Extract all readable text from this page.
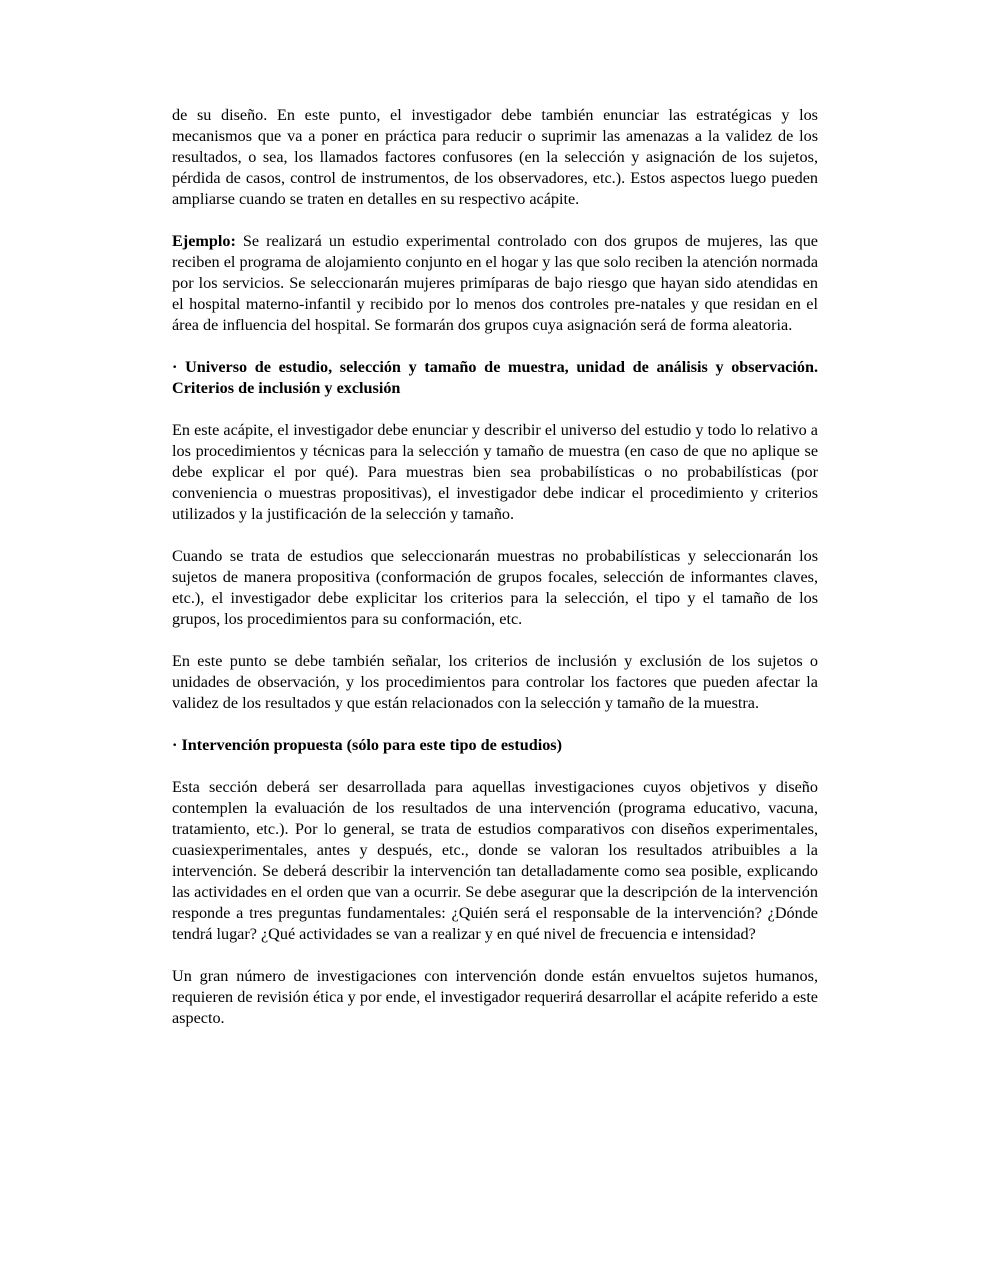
de su diseño. En este punto, el investigador debe también enunciar las estratégicas y los mecanismos que va a poner en práctica para reducir o suprimir las amenazas a la validez de los resultados, o sea, los llamados factores confusores (en la selección y asignación de los sujetos, pérdida de casos, control de instrumentos, de los observadores, etc.). Estos aspectos luego pueden ampliarse cuando se traten en detalles en su respectivo acápite.

Ejemplo: Se realizará un estudio experimental controlado con dos grupos de mujeres, las que reciben el programa de alojamiento conjunto en el hogar y las que solo reciben la atención normada por los servicios. Se seleccionarán mujeres primíparas de bajo riesgo que hayan sido atendidas en el hospital materno-infantil y recibido por lo menos dos controles pre-natales y que residan en el área de influencia del hospital. Se formarán dos grupos cuya asignación será de forma aleatoria.

· Universo de estudio, selección y tamaño de muestra, unidad de análisis y observación. Criterios de inclusión y exclusión

En este acápite, el investigador debe enunciar y describir el universo del estudio y todo lo relativo a los procedimientos y técnicas para la selección y tamaño de muestra (en caso de que no aplique se debe explicar el por qué). Para muestras bien sea probabilísticas o no probabilísticas (por conveniencia o muestras propositivas), el investigador debe indicar el procedimiento y criterios utilizados y la justificación de la selección y tamaño.

Cuando se trata de estudios que seleccionarán muestras no probabilísticas y seleccionarán los sujetos de manera propositiva (conformación de grupos focales, selección de informantes claves, etc.), el investigador debe explicitar los criterios para la selección, el tipo y el tamaño de los grupos, los procedimientos para su conformación, etc.

En este punto se debe también señalar, los criterios de inclusión y exclusión de los sujetos o unidades de observación, y los procedimientos para controlar los factores que pueden afectar la validez de los resultados y que están relacionados con la selección y tamaño de la muestra.

· Intervención propuesta (sólo para este tipo de estudios)

Esta sección deberá ser desarrollada para aquellas investigaciones cuyos objetivos y diseño contemplen la evaluación de los resultados de una intervención (programa educativo, vacuna, tratamiento, etc.). Por lo general, se trata de estudios comparativos con diseños experimentales, cuasiexperimentales, antes y después, etc., donde se valoran los resultados atribuibles a la intervención. Se deberá describir la intervención tan detalladamente como sea posible, explicando las actividades en el orden que van a ocurrir. Se debe asegurar que la descripción de la intervención responde a tres preguntas fundamentales: ¿Quién será el responsable de la intervención? ¿Dónde tendrá lugar? ¿Qué actividades se van a realizar y en qué nivel de frecuencia e intensidad?

Un gran número de investigaciones con intervención donde están envueltos sujetos humanos, requieren de revisión ética y por ende, el investigador requerirá desarrollar el acápite referido a este aspecto.
